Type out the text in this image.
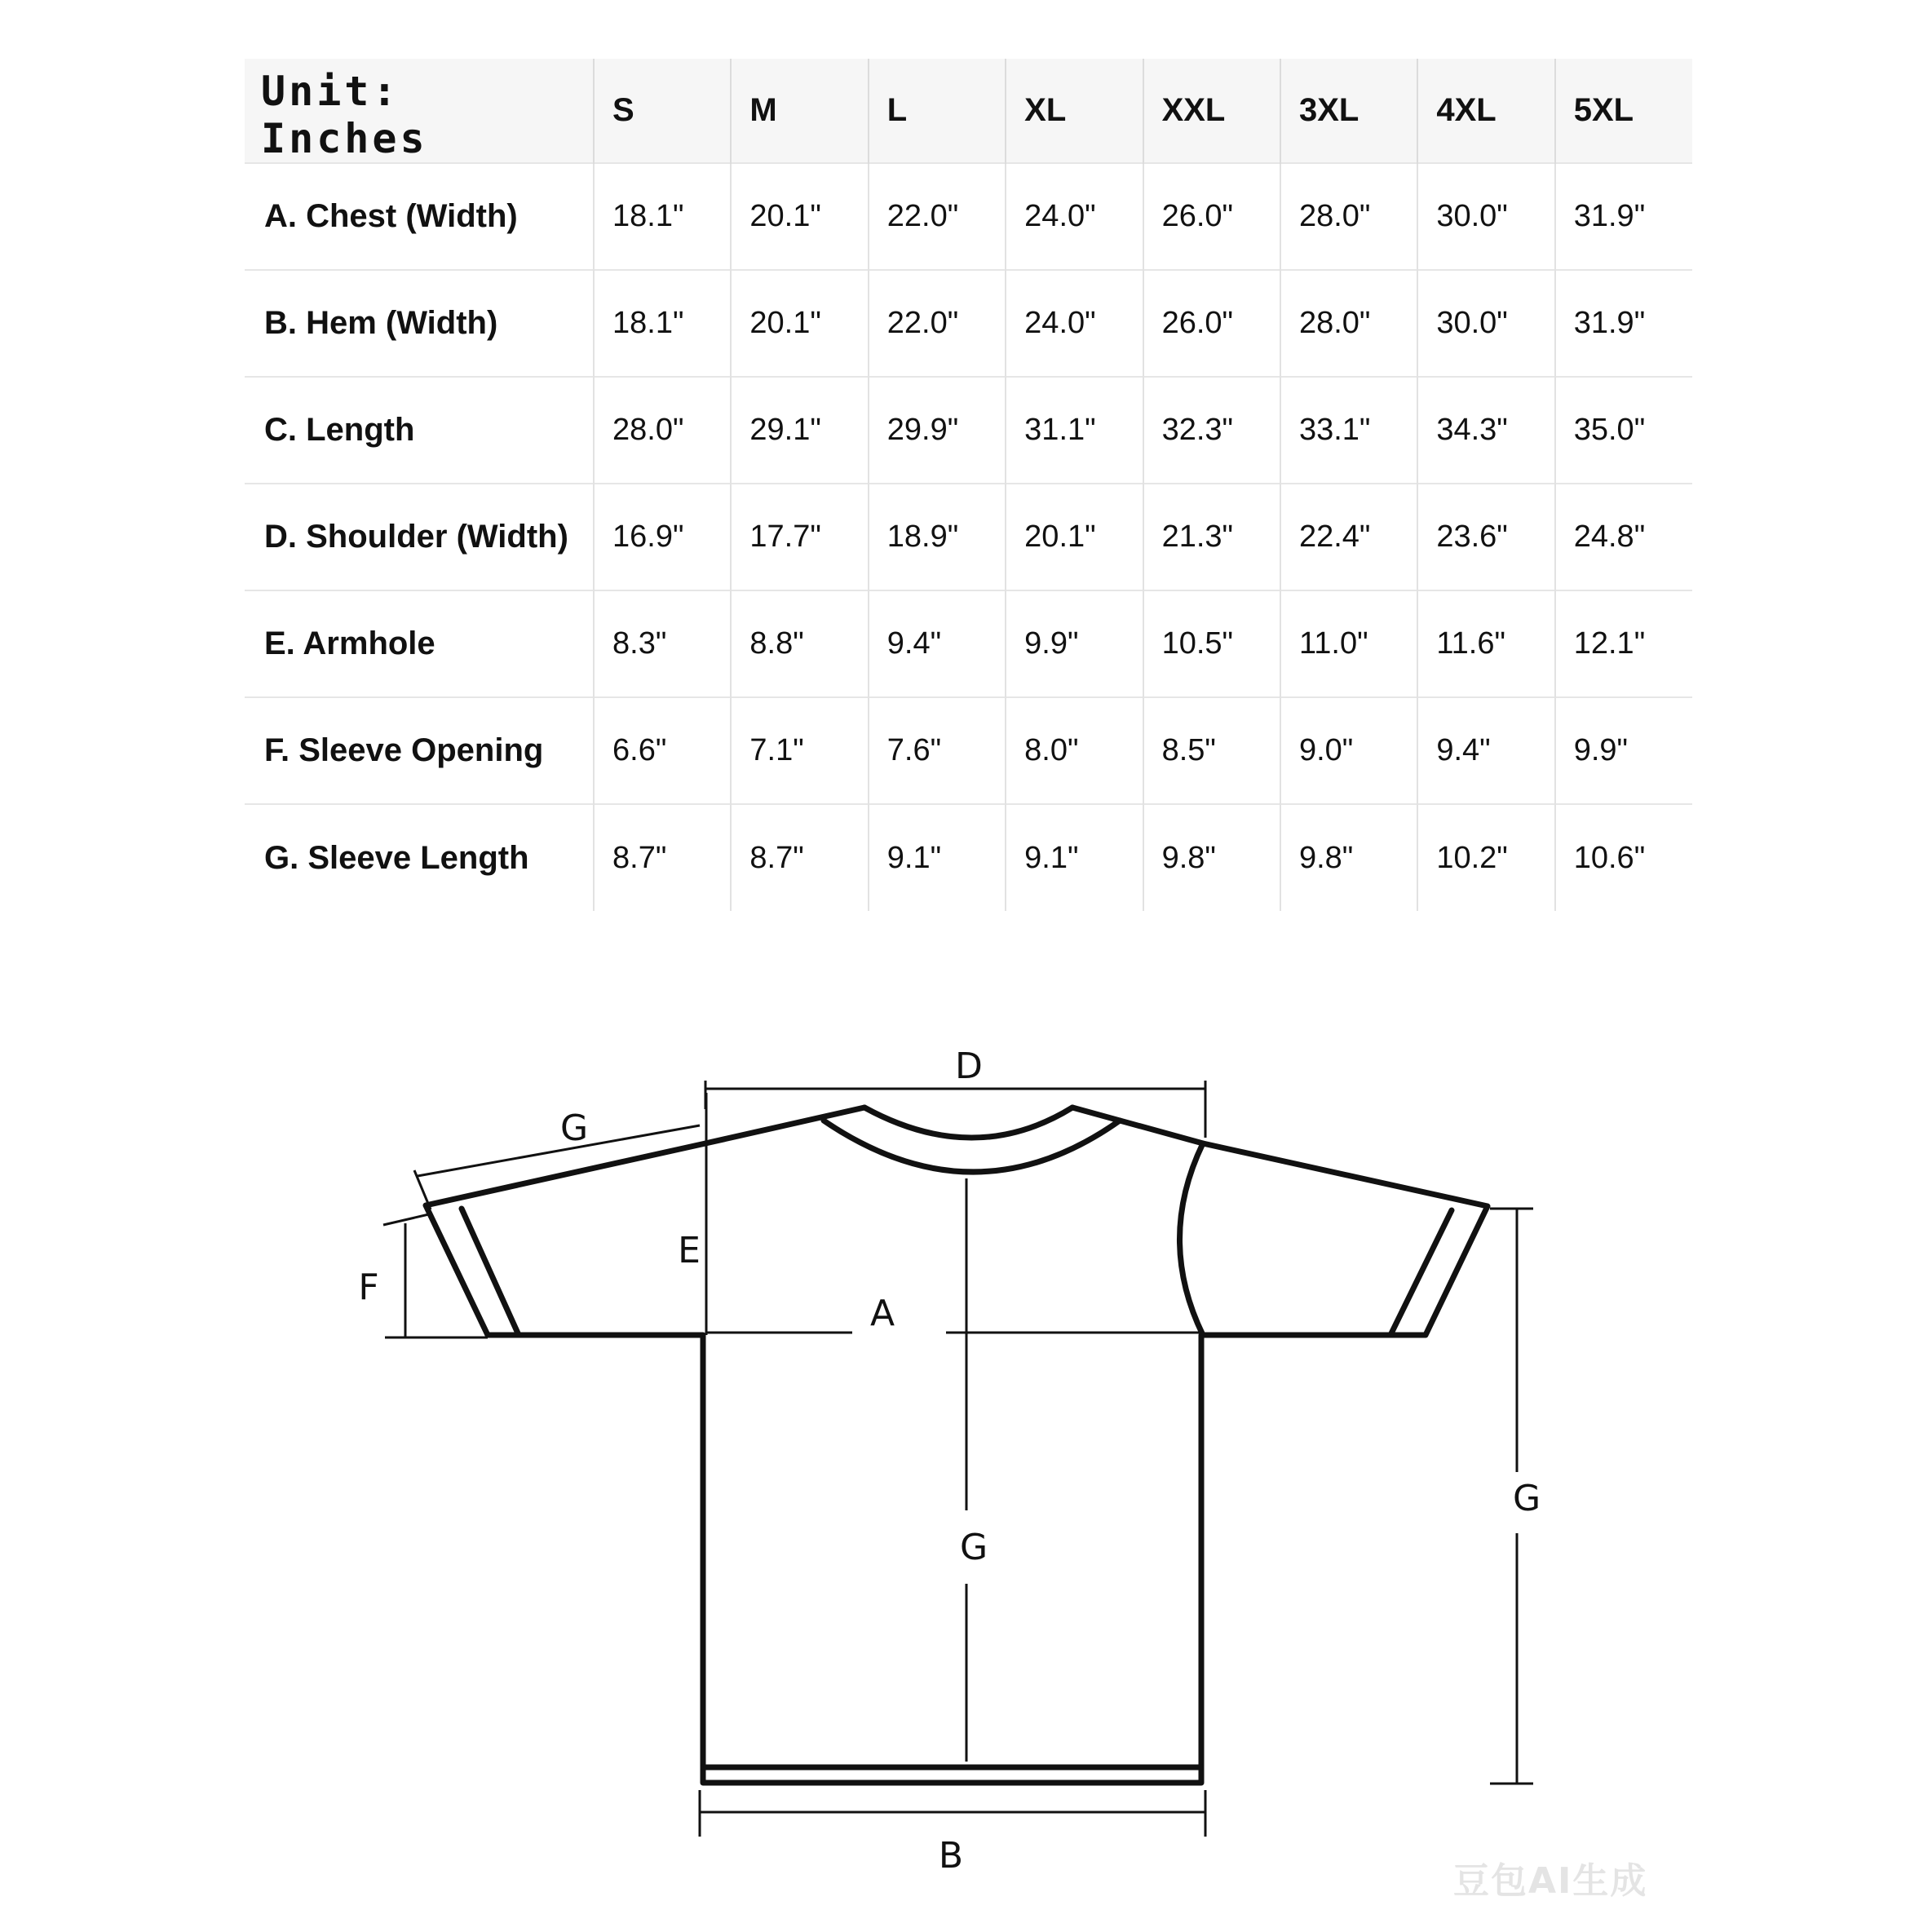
Unit: Inches	S	M	L	XL	XXL	3XL	4XL	5XL
A. Chest (Width)	18.1"	20.1"	22.0"	24.0"	26.0"	28.0"	30.0"	31.9"
B. Hem (Width)	18.1"	20.1"	22.0"	24.0"	26.0"	28.0"	30.0"	31.9"
C. Length	28.0"	29.1"	29.9"	31.1"	32.3"	33.1"	34.3"	35.0"
D. Shoulder (Width)	16.9"	17.7"	18.9"	20.1"	21.3"	22.4"	23.6"	24.8"
E. Armhole	8.3"	8.8"	9.4"	9.9"	10.5"	11.0"	11.6"	12.1"
F. Sleeve Opening	6.6"	7.1"	7.6"	8.0"	8.5"	9.0"	9.4"	9.9"
G. Sleeve Length	8.7"	8.7"	9.1"	9.1"	9.8"	9.8"	10.2"	10.6"
D
G
E
F
A
G
G
B
豆包AI生成
